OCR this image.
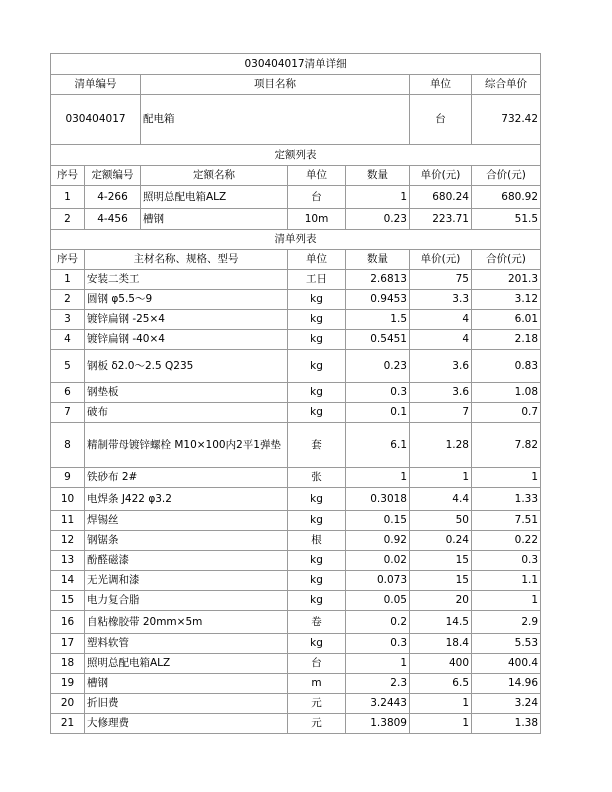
030404017清单详细						
清单编号		项目名称			单位	综合单价
030404017		配电箱			台	732.42
定额列表						
序号	定额编号	定额名称	单位	数量	单价(元)	合价(元)
1	4-266	照明总配电箱ALZ	台	1	680.24	680.92
2	4-456	槽钢	10m	0.23	223.71	51.5
清单列表						
序号	主材名称、规格、型号		单位	数量	单价(元)	合价(元)
1	安装二类工		工日	2.6813	75	201.3
2	圆钢 φ5.5～9		kg	0.9453	3.3	3.12
3	镀锌扁钢 -25×4		kg	1.5	4	6.01
4	镀锌扁钢 -40×4		kg	0.5451	4	2.18
5	钢板 δ2.0～2.5 Q235		kg	0.23	3.6	0.83
6	钢垫板		kg	0.3	3.6	1.08
7	破布		kg	0.1	7	0.7
8	精制带母镀锌螺栓 M10×100内2平1弹垫		套	6.1	1.28	7.82
9	铁砂布 2#		张	1	1	1
10	电焊条 J422 φ3.2		kg	0.3018	4.4	1.33
11	焊锡丝		kg	0.15	50	7.51
12	钢锯条		根	0.92	0.24	0.22
13	酚醛磁漆		kg	0.02	15	0.3
14	无光调和漆		kg	0.073	15	1.1
15	电力复合脂		kg	0.05	20	1
16	自粘橡胶带 20mm×5m		卷	0.2	14.5	2.9
17	塑料软管		kg	0.3	18.4	5.53
18	照明总配电箱ALZ		台	1	400	400.4
19	槽钢		m	2.3	6.5	14.96
20	折旧费		元	3.2443	1	3.24
21	大修理费		元	1.3809	1	1.38
